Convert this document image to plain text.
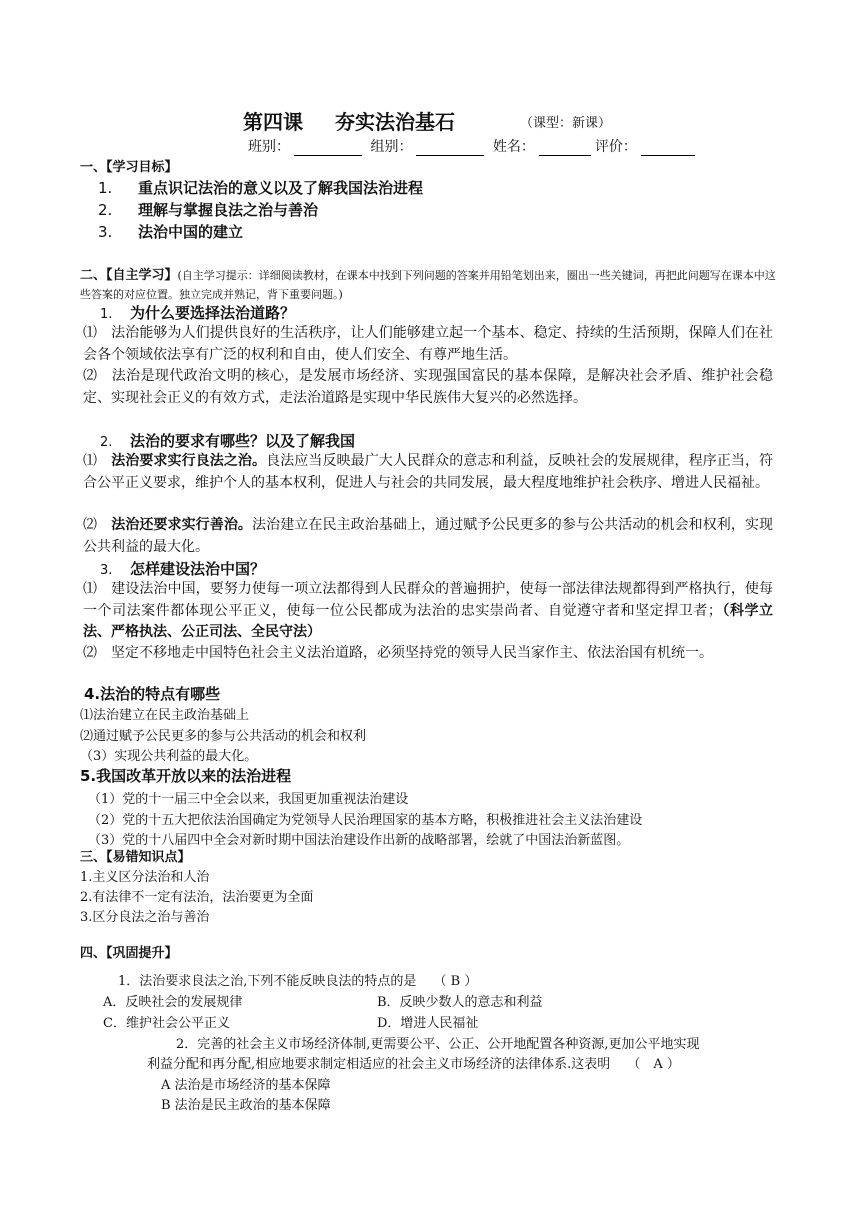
第四课 夯实法治基石	（课型：新课）
班别：	组别：	姓名：	评价：
一、【学习目标】
1. 重点识记法治的意义以及了解我国法治进程
2. 理解与掌握良法之治与善治
3. 法治中国的建立
二、【自主学习】(自主学习提示：详细阅读教材，在课本中找到下列问题的答案并用铅笔划出来，圈出一些关键词，再把此问题写在课本中这些答案的对应位置。独立完成并熟记，背下重要问题。)
1. 为什么要选择法治道路？
⑴　法治能够为人们提供良好的生活秩序，让人们能够建立起一个基本、稳定、持续的生活预期，保障人们在社会各个领域依法享有广泛的权利和自由，使人们安全、有尊严地生活。
⑵　法治是现代政治文明的核心，是发展市场经济、实现强国富民的基本保障，是解决社会矛盾、维护社会稳定、实现社会正义的有效方式，走法治道路是实现中华民族伟大复兴的必然选择。
2. 法治的要求有哪些？以及了解我国
⑴　 法治要求实行良法之治。良法应当反映最广大人民群众的意志和利益，反映社会的发展规律，程序正当，符合公平正义要求，维护个人的基本权利，促进人与社会的共同发展，最大程度地维护社会秩序、增进人民福祉。
⑵　 法治还要求实行善治。法治建立在民主政治基础上，通过赋予公民更多的参与公共活动的机会和权利，实现公共利益的最大化。
3. 怎样建设法治中国？
⑴　建设法治中国，要努力使每一项立法都得到人民群众的普遍拥护，使每一部法律法规都得到严格执行，使每一个司法案件都体现公平正义，使每一位公民都成为法治的忠实崇尚者、自觉遵守者和坚定捍卫者；（科学立法、严格执法、公正司法、全民守法）
⑵　坚定不移地走中国特色社会主义法治道路，必须坚持党的领导人民当家作主、依法治国有机统一。
4.法治的特点有哪些
⑴法治建立在民主政治基础上
⑵通过赋予公民更多的参与公共活动的机会和权利
（3）实现公共利益的最大化。
5.我国改革开放以来的法治进程
（1）党的十一届三中全会以来，我国更加重视法治建设
（2）党的十五大把依法治国确定为党领导人民治理国家的基本方略，积极推进社会主义法治建设
（3）党的十八届四中全会对新时期中国法治建设作出新的战略部署，绘就了中国法治新蓝图。
三、【易错知识点】
1.主义区分法治和人治
2.有法律不一定有法治，法治要更为全面
3.区分良法之治与善治
四、【巩固提升】
1．法治要求良法之治,下列不能反映良法的特点的是　 （ B ）
A．反映社会的发展规律	B．反映少数人的意志和利益
C．维护社会公平正义	D．增进人民福祉
2．完善的社会主义市场经济体制,更需要公平、公正、公开地配置各种资源,更加公平地实现
利益分配和再分配,相应地要求制定相适应的社会主义市场经济的法律体系.这表明　 （　A ）
A 法治是市场经济的基本保障
B 法治是民主政治的基本保障
